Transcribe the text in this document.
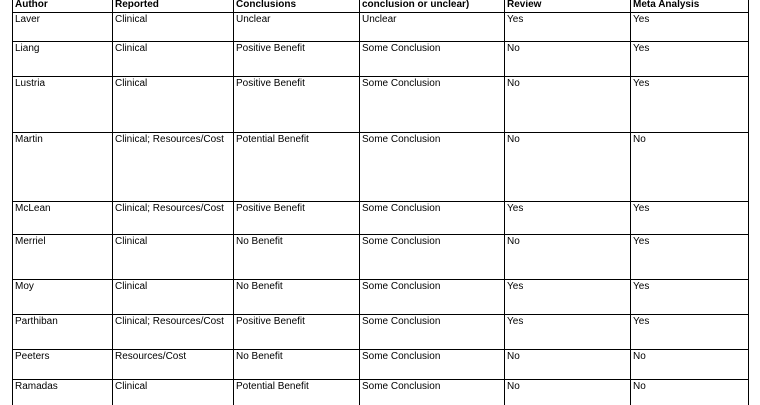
Author	Reported	Conclusions	conclusion or unclear)	Review	Meta Analysis
Laver	Clinical	Unclear	Unclear	Yes	Yes
Liang	Clinical	Positive Benefit	Some Conclusion	No	Yes
Lustria	Clinical	Positive Benefit	Some Conclusion	No	Yes
Martin	Clinical; Resources/Cost	Potential Benefit	Some Conclusion	No	No
McLean	Clinical; Resources/Cost	Positive Benefit	Some Conclusion	Yes	Yes
Merriel	Clinical	No Benefit	Some Conclusion	No	Yes
Moy	Clinical	No Benefit	Some Conclusion	Yes	Yes
Parthiban	Clinical; Resources/Cost	Positive Benefit	Some Conclusion	Yes	Yes
Peeters	Resources/Cost	No Benefit	Some Conclusion	No	No
Ramadas	Clinical	Potential Benefit	Some Conclusion	No	No
